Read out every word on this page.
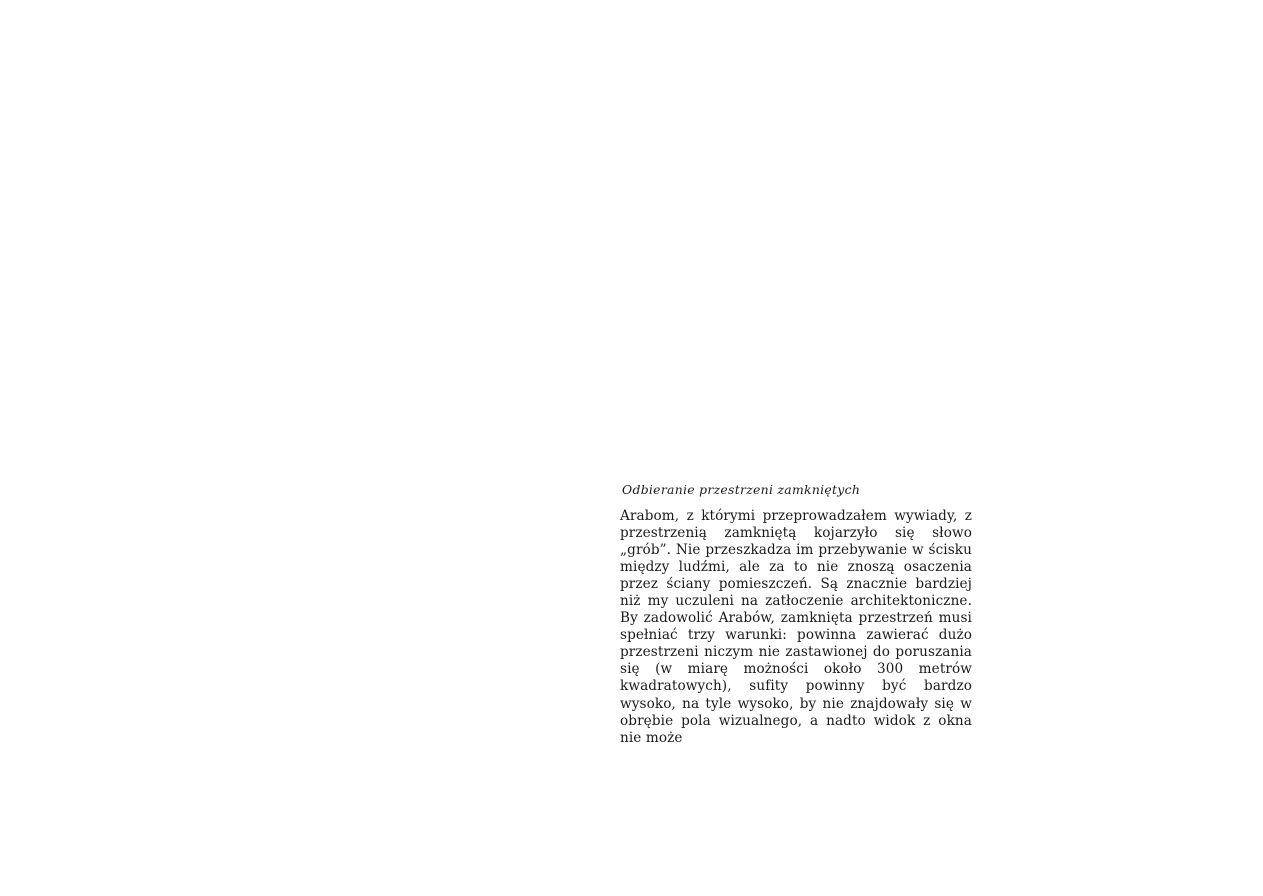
Odbieranie przestrzeni zamkniętych

Arabom, z którymi przeprowadzałem wywiady, z przestrzenią zamkniętą kojarzyło się słowo „grób”. Nie przeszkadza im przebywanie w ścisku między ludźmi, ale za to nie znoszą osaczenia przez ściany pomieszczeń. Są znacznie bardziej niż my uczuleni na zatłoczenie architektoniczne. By zadowolić Arabów, zamknięta przestrzeń musi spełniać trzy warunki: powinna zawierać dużo przestrzeni niczym nie zastawionej do poruszania się (w miarę możności około 300 metrów kwadratowych), sufity powinny być bardzo wysoko, na tyle wysoko, by nie znajdowały się w obrębie pola wizualnego, a nadto widok z okna nie może
